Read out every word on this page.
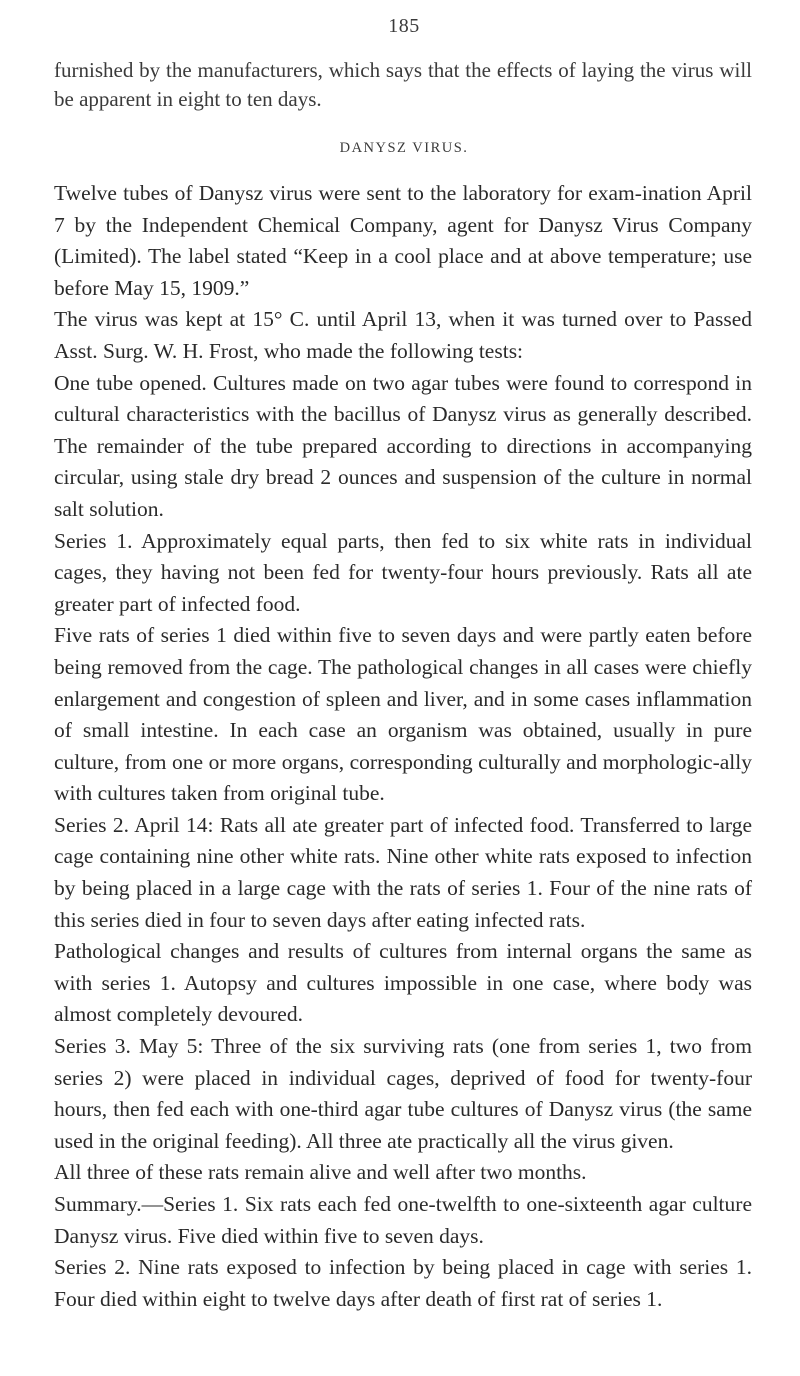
185

furnished by the manufacturers, which says that the effects of laying the virus will be apparent in eight to ten days.

DANYSZ VIRUS.

Twelve tubes of Danysz virus were sent to the laboratory for exam-ination April 7 by the Independent Chemical Company, agent for Danysz Virus Company (Limited). The label stated “Keep in a cool place and at above temperature; use before May 15, 1909.”

The virus was kept at 15° C. until April 13, when it was turned over to Passed Asst. Surg. W. H. Frost, who made the following tests:

One tube opened. Cultures made on two agar tubes were found to correspond in cultural characteristics with the bacillus of Danysz virus as generally described. The remainder of the tube prepared according to directions in accompanying circular, using stale dry bread 2 ounces and suspension of the culture in normal salt solution.

Series 1. Approximately equal parts, then fed to six white rats in individual cages, they having not been fed for twenty-four hours previously. Rats all ate greater part of infected food.

Five rats of series 1 died within five to seven days and were partly eaten before being removed from the cage. The pathological changes in all cases were chiefly enlargement and congestion of spleen and liver, and in some cases inflammation of small intestine. In each case an organism was obtained, usually in pure culture, from one or more organs, corresponding culturally and morphologic-ally with cultures taken from original tube.

Series 2. April 14: Rats all ate greater part of infected food. Transferred to large cage containing nine other white rats. Nine other white rats exposed to infection by being placed in a large cage with the rats of series 1. Four of the nine rats of this series died in four to seven days after eating infected rats.

Pathological changes and results of cultures from internal organs the same as with series 1. Autopsy and cultures impossible in one case, where body was almost completely devoured.

Series 3. May 5: Three of the six surviving rats (one from series 1, two from series 2) were placed in individual cages, deprived of food for twenty-four hours, then fed each with one-third agar tube cultures of Danysz virus (the same used in the original feeding). All three ate practically all the virus given.

All three of these rats remain alive and well after two months.

Summary.—Series 1. Six rats each fed one-twelfth to one-sixteenth agar culture Danysz virus. Five died within five to seven days.

Series 2. Nine rats exposed to infection by being placed in cage with series 1. Four died within eight to twelve days after death of first rat of series 1.
